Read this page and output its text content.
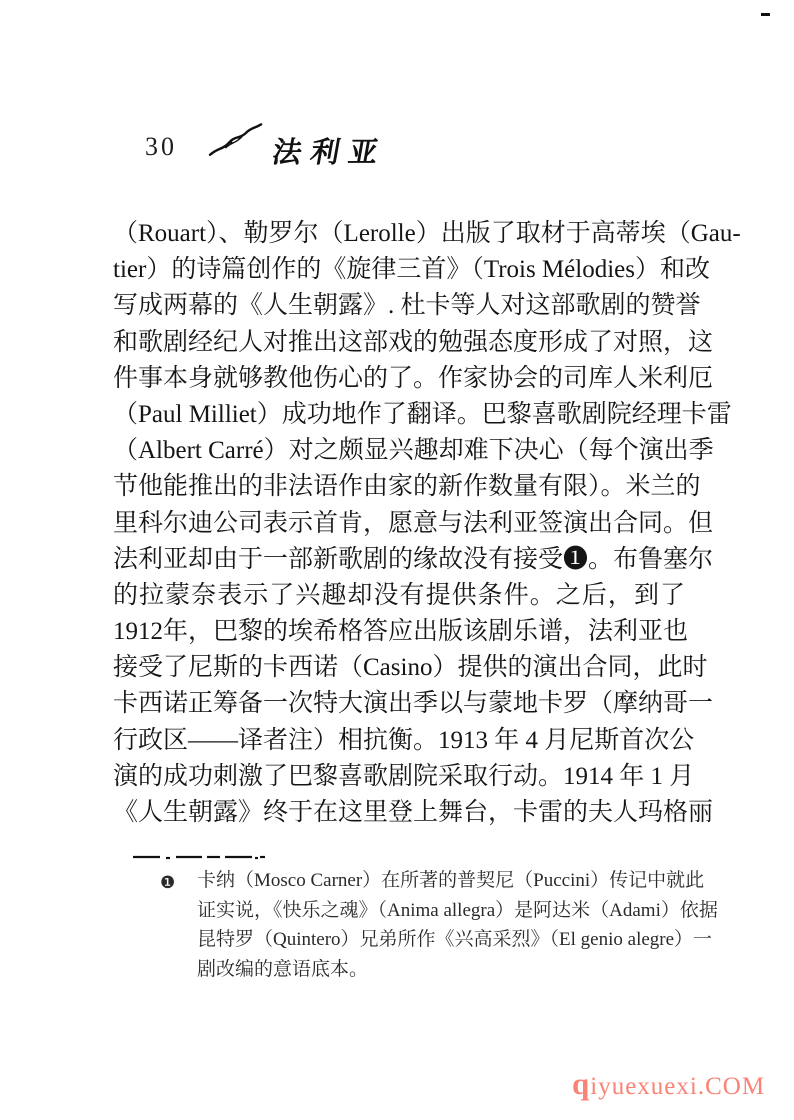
30	法利亚
（Rouart）、勒罗尔（Lerolle）出版了取材于高蒂埃（Gau-
tier）的诗篇创作的《旋律三首》（Trois Mélodies）和改
写成两幕的《人生朝露》. 杜卡等人对这部歌剧的赞誉
和歌剧经纪人对推出这部戏的勉强态度形成了对照，这
件事本身就够教他伤心的了。作家协会的司库人米利厄
（Paul Milliet）成功地作了翻译。巴黎喜歌剧院经理卡雷
（Albert Carré）对之颇显兴趣却难下决心（每个演出季
节他能推出的非法语作由家的新作数量有限）。米兰的
里科尔迪公司表示首肯，愿意与法利亚签演出合同。但
法利亚却由于一部新歌剧的缘故没有接受❶。布鲁塞尔
的拉蒙奈表示了兴趣却没有提供条件。之后，到了
1912年，巴黎的埃希格答应出版该剧乐谱，法利亚也
接受了尼斯的卡西诺（Casino）提供的演出合同，此时
卡西诺正筹备一次特大演出季以与蒙地卡罗（摩纳哥一
行政区——译者注）相抗衡。1913 年 4 月尼斯首次公
演的成功刺激了巴黎喜歌剧院采取行动。1914 年 1 月
《人生朝露》终于在这里登上舞台，卡雷的夫人玛格丽
❶ 卡纳（Mosco Carner）在所著的普契尼（Puccini）传记中就此
证实说，《快乐之魂》（Anima allegra）是阿达米（Adami）依据
昆特罗（Quintero）兄弟所作《兴高采烈》（El genio alegre）一
剧改编的意语底本。
qiyuexuexi.COM
